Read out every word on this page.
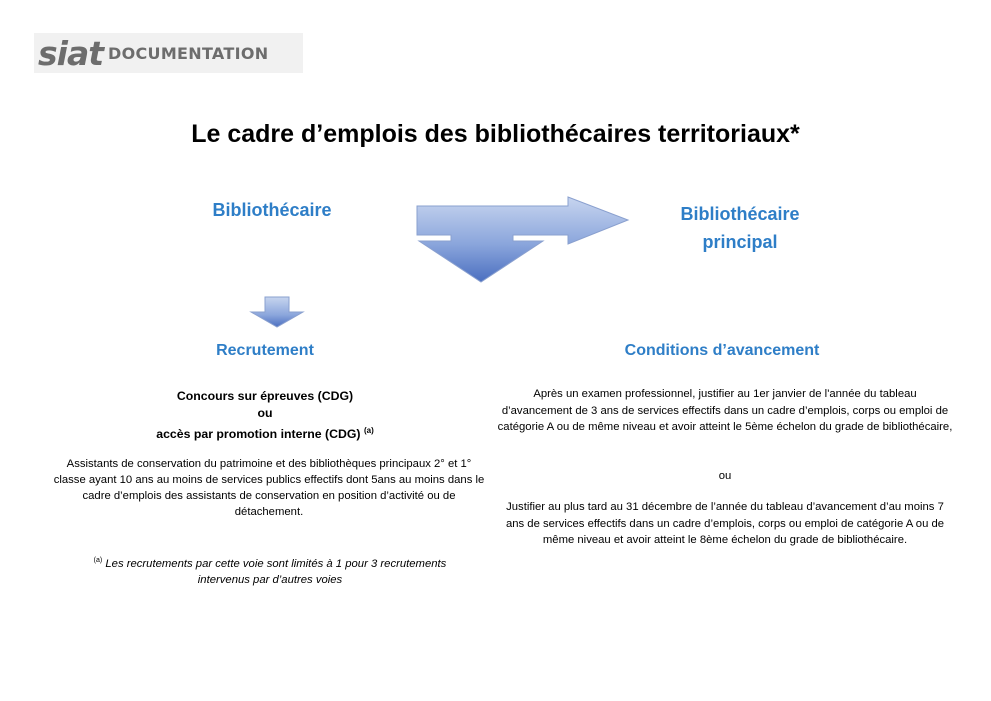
siat DOCUMENTATION
Le cadre d’emplois des bibliothécaires territoriaux*
Bibliothécaire	Bibliothécaire
principal
Recrutement	Conditions d’avancement
Concours sur épreuves (CDG)
ou
accès par promotion interne (CDG) $^{(a)}$
Assistants de conservation du patrimoine et des bibliothèques principaux 2° et 1° classe ayant 10 ans au moins de services publics effectifs dont 5ans au moins dans le cadre d’emplois des assistants de conservation en position d’activité ou de détachement.
$^{(a)}$ Les recrutements par cette voie sont limités à 1 pour 3 recrutements intervenus par d’autres voies
Après un examen professionnel, justifier au 1er janvier de l'année du tableau d’avancement de 3 ans de services effectifs dans un cadre d’emplois, corps ou emploi de catégorie A ou de même niveau et avoir atteint le 5ème échelon du grade de bibliothécaire,
ou
Justifier au plus tard au 31 décembre de l’année du tableau d’avancement d’au moins 7 ans de services effectifs dans un cadre d’emplois, corps ou emploi de catégorie A ou de même niveau et avoir atteint le 8ème échelon du grade de bibliothécaire.
